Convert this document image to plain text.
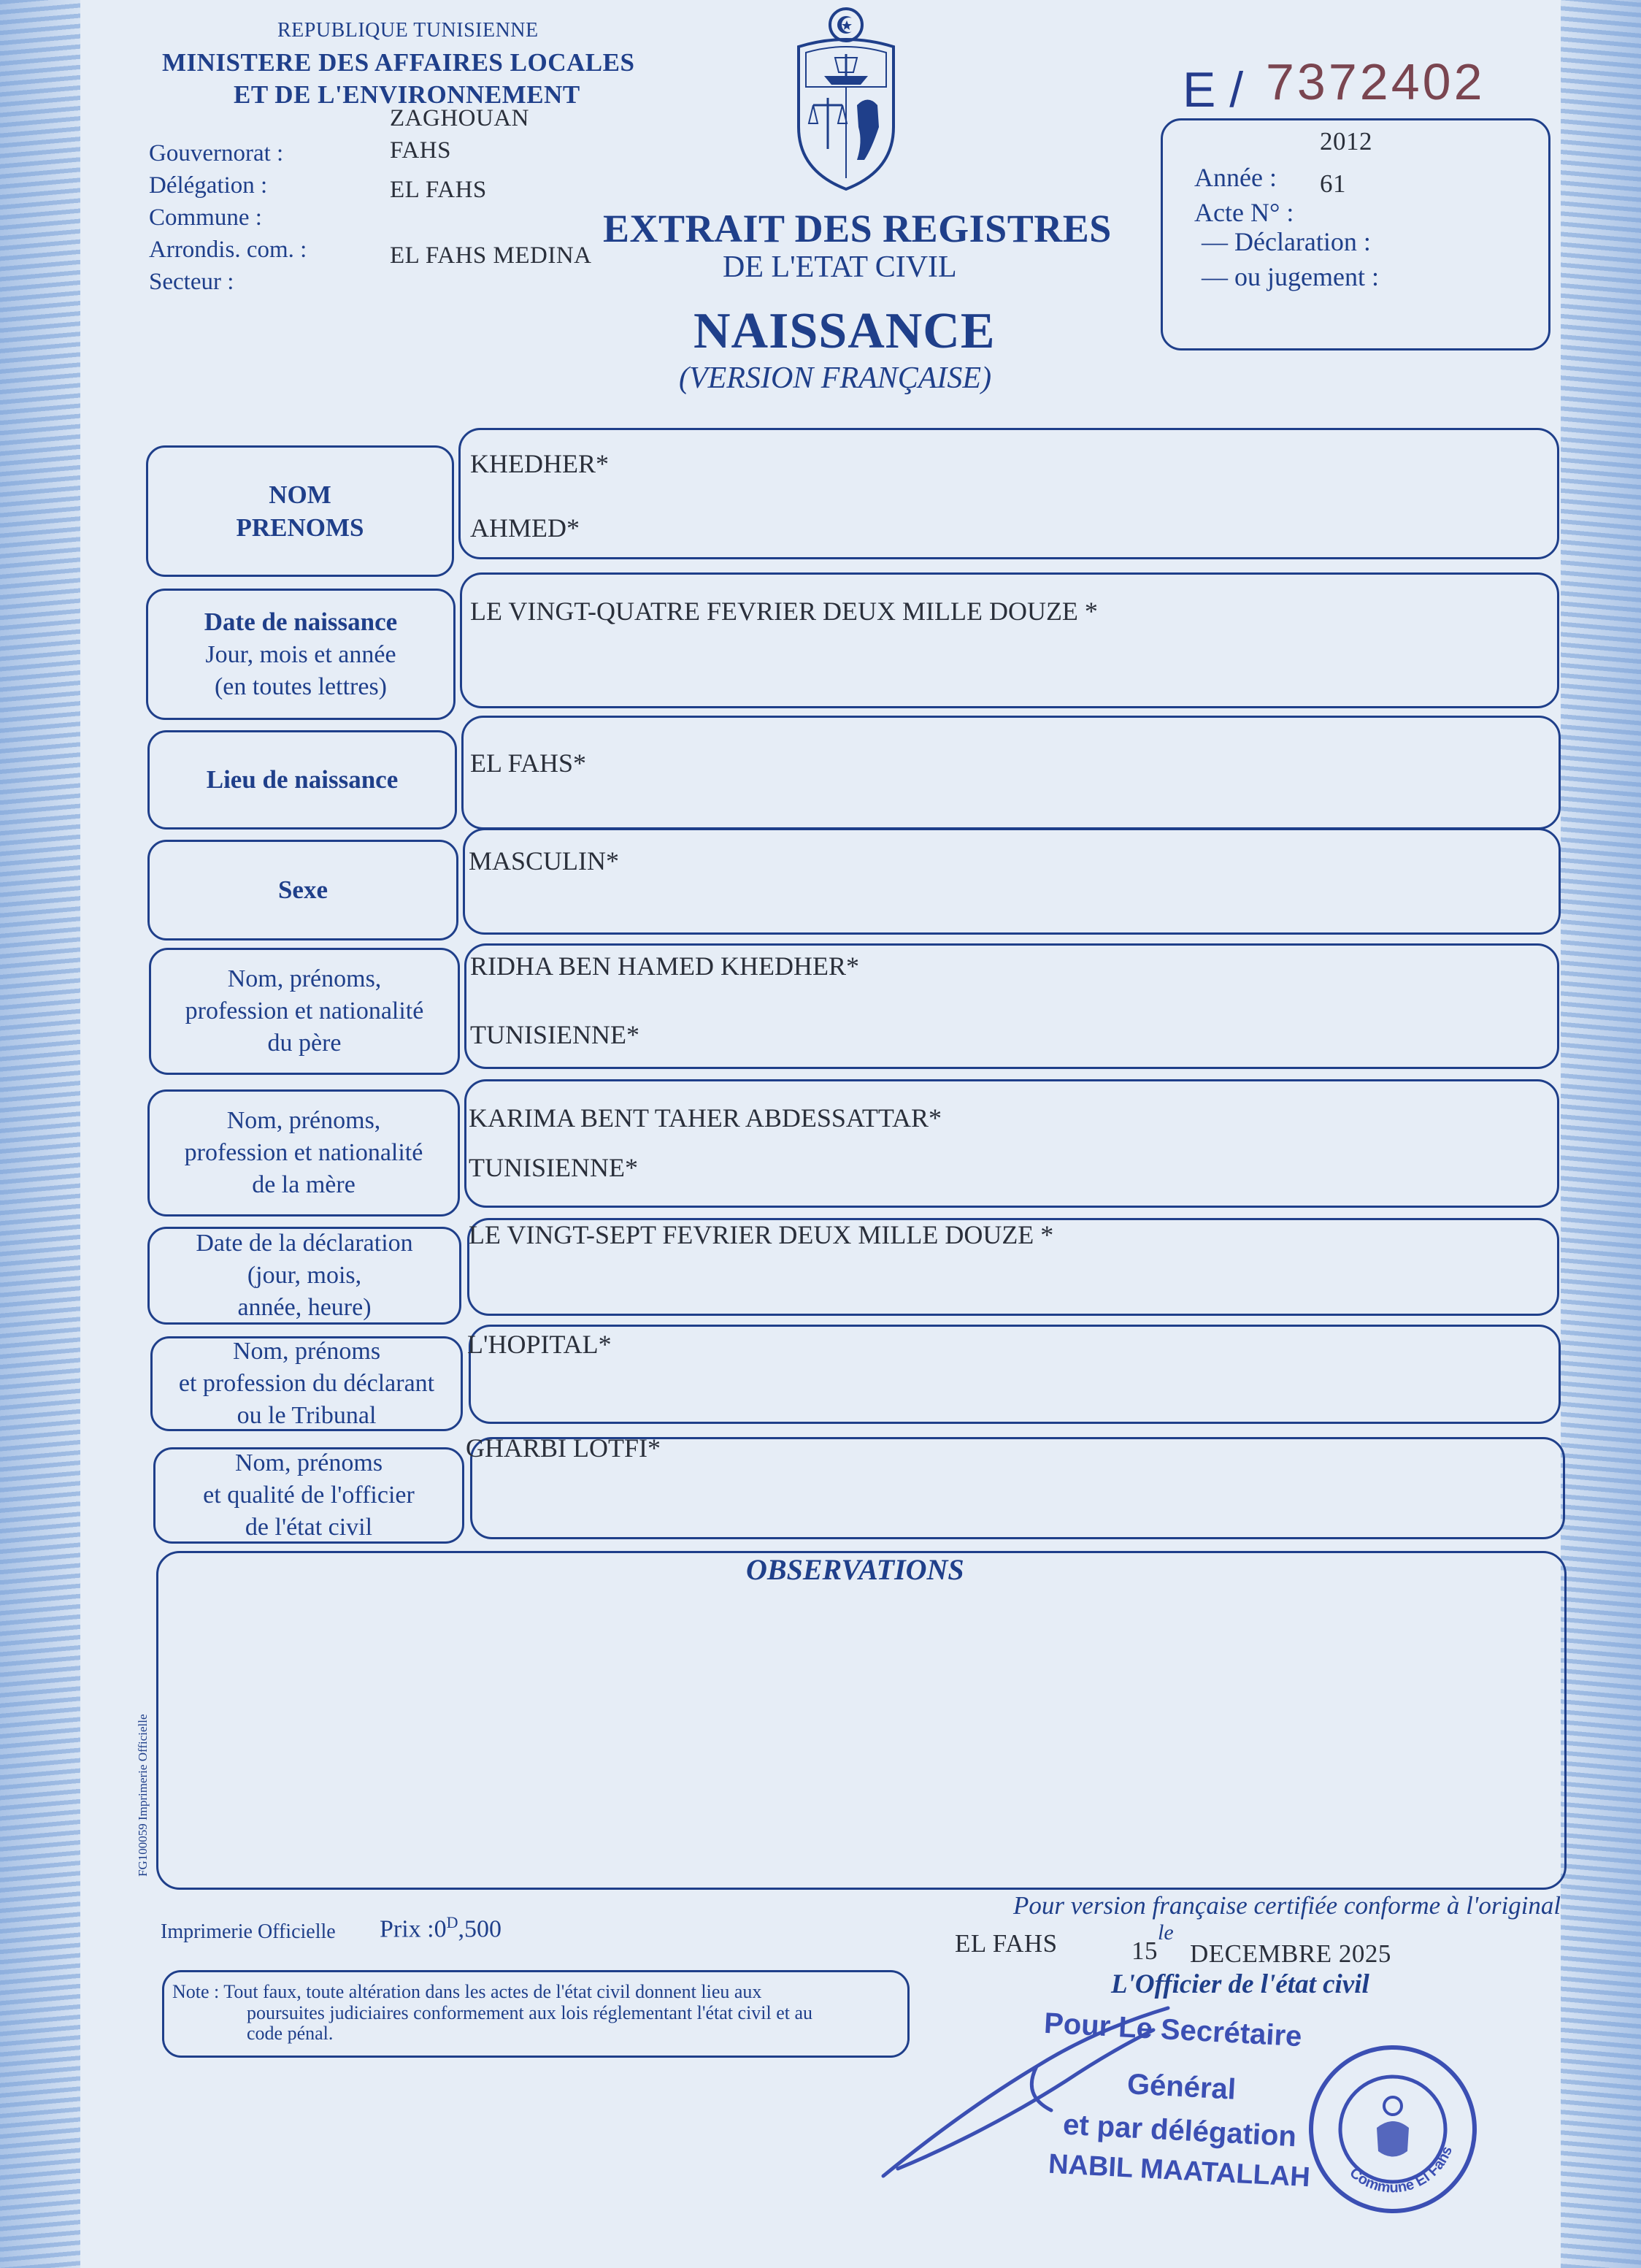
REPUBLIQUE TUNISIENNE
MINISTERE DES AFFAIRES LOCALES
ET DE L'ENVIRONNEMENT
Gouvernorat :
Délégation :
Commune :
Arrondis. com. :
Secteur :
ZAGHOUAN
FAHS
EL FAHS
EL FAHS MEDINA
E / 7372402
2012
Année : 61
Acte N° :
— Déclaration :
— ou jugement :
EXTRAIT DES REGISTRES
DE L'ETAT CIVIL
NAISSANCE
(VERSION FRANÇAISE)
NOM
PRENOMS
KHEDHER*
AHMED*
Date de naissance
Jour, mois et année
(en toutes lettres)
LE VINGT-QUATRE FEVRIER DEUX MILLE DOUZE *
Lieu de naissance
EL FAHS*
Sexe
MASCULIN*
Nom, prénoms,
profession et nationalité
du père
RIDHA BEN HAMED KHEDHER*
TUNISIENNE*
Nom, prénoms,
profession et nationalité
de la mère
KARIMA BENT TAHER ABDESSATTAR*
TUNISIENNE*
Date de la déclaration
(jour, mois,
année, heure)
LE VINGT-SEPT FEVRIER DEUX MILLE DOUZE *
Nom, prénoms
et profession du déclarant
ou le Tribunal
L'HOPITAL*
Nom, prénoms
et qualité de l'officier
de l'état civil
GHARBI LOTFI*
OBSERVATIONS
FG100059 Imprimerie Officielle
Pour version française certifiée conforme à l'original
Imprimerie Officielle Prix $:0^D,500$
EL FAHS	15
le
DECEMBRE 2025
L'Officier de l'état civil
Note : Tout faux, toute altération dans les actes de l'état civil donnent lieu aux
poursuites judiciaires conformement aux lois réglementant l'état civil et au
code pénal.	Pour Le Secrétaire
Général
et par délégation
NABIL MAATALLAH Commune El Fahs
